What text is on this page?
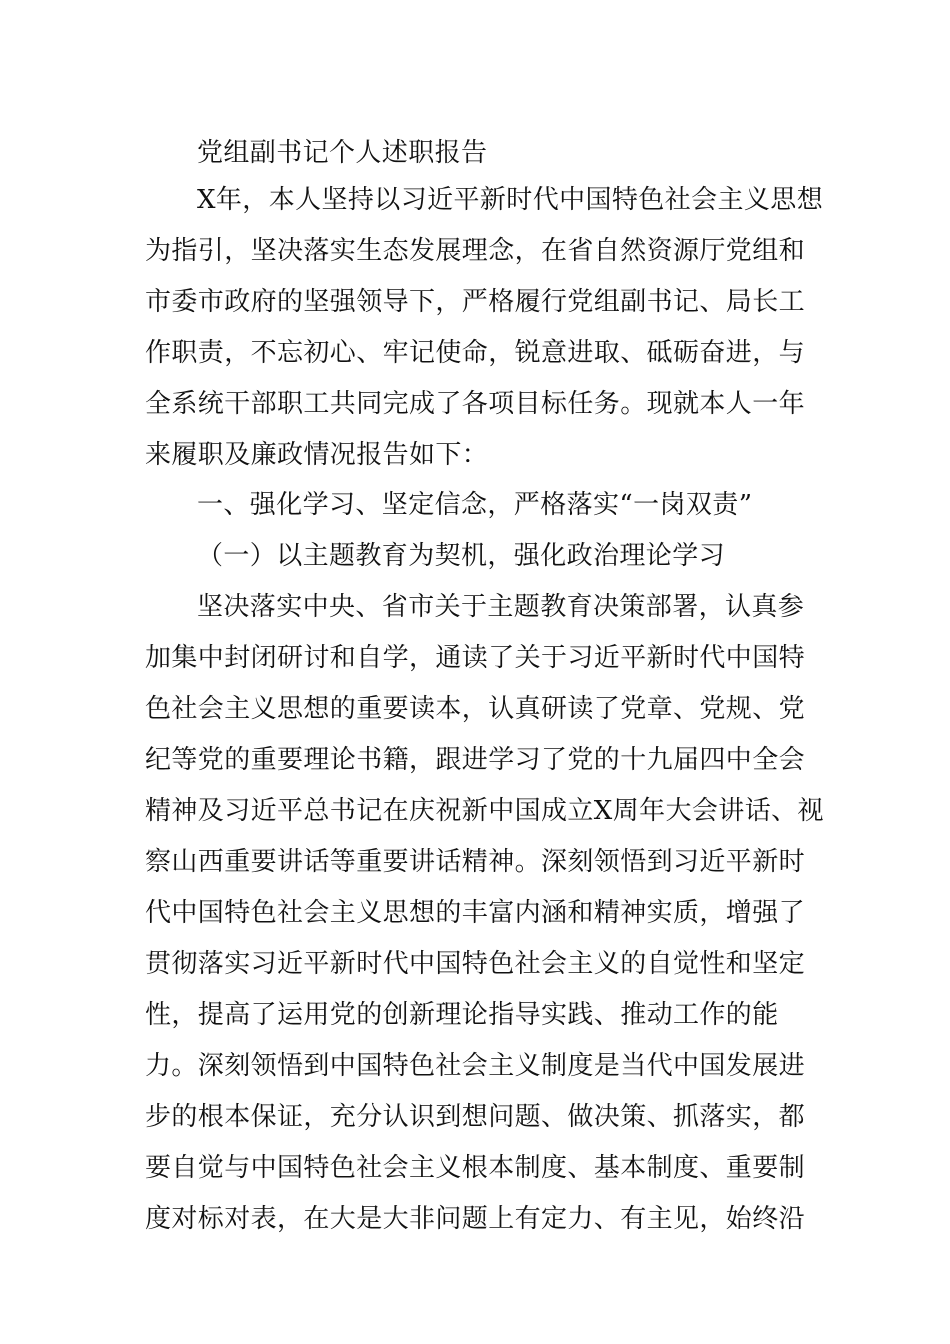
党组副书记个人述职报告
X年，本人坚持以习近平新时代中国特色社会主义思想
为指引，坚决落实生态发展理念，在省自然资源厅党组和
市委市政府的坚强领导下，严格履行党组副书记、局长工
作职责，不忘初心、牢记使命，锐意进取、砥砺奋进，与
全系统干部职工共同完成了各项目标任务。现就本人一年
来履职及廉政情况报告如下：
一、强化学习、坚定信念，严格落实“一岗双责”
（一）以主题教育为契机，强化政治理论学习
坚决落实中央、省市关于主题教育决策部署，认真参
加集中封闭研讨和自学，通读了关于习近平新时代中国特
色社会主义思想的重要读本，认真研读了党章、党规、党
纪等党的重要理论书籍，跟进学习了党的十九届四中全会
精神及习近平总书记在庆祝新中国成立X周年大会讲话、视
察山西重要讲话等重要讲话精神。深刻领悟到习近平新时
代中国特色社会主义思想的丰富内涵和精神实质，增强了
贯彻落实习近平新时代中国特色社会主义的自觉性和坚定
性，提高了运用党的创新理论指导实践、推动工作的能
力。深刻领悟到中国特色社会主义制度是当代中国发展进
步的根本保证，充分认识到想问题、做决策、抓落实，都
要自觉与中国特色社会主义根本制度、基本制度、重要制
度对标对表，在大是大非问题上有定力、有主见，始终沿
